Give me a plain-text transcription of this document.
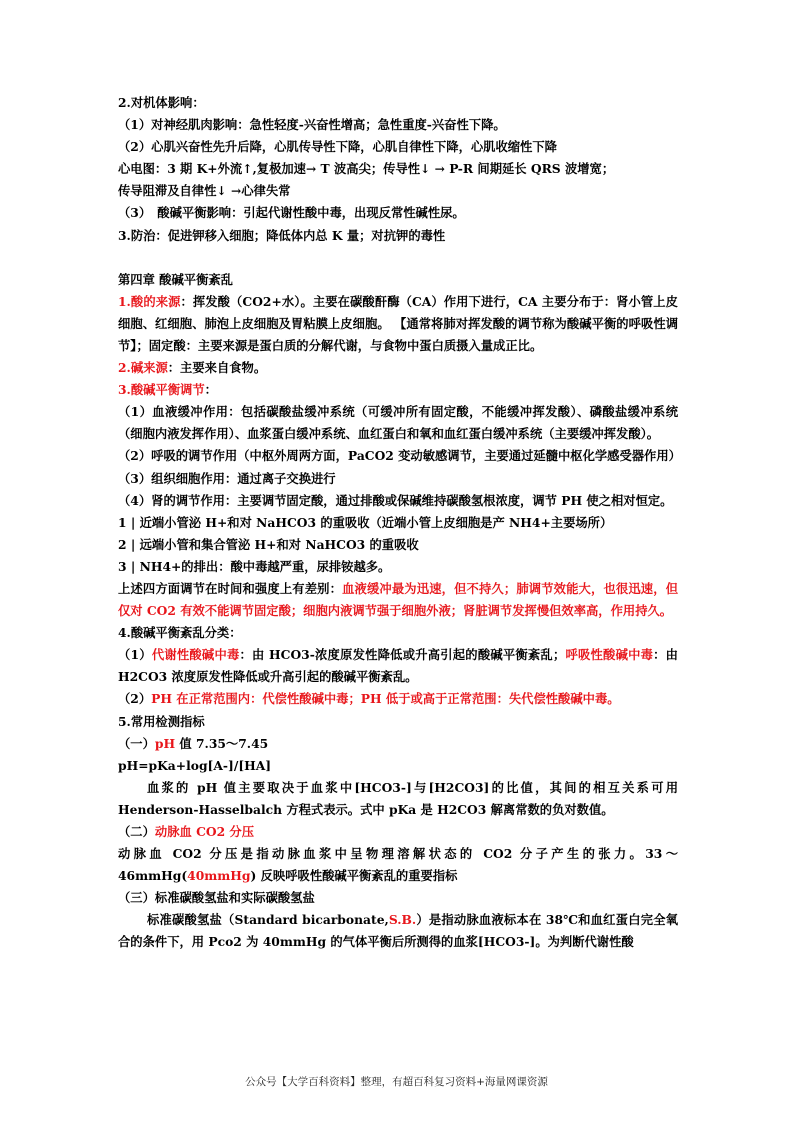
2.对机体影响：
（1）对神经肌肉影响：急性轻度-兴奋性增高；急性重度-兴奋性下降。
（2）心肌兴奋性先升后降，心肌传导性下降，心肌自律性下降，心肌收缩性下降
心电图：3 期 K+外流↑,复极加速→ T 波高尖；传导性↓ → P-R 间期延长 QRS 波增宽；
传导阻滞及自律性↓ →心律失常
（3）　酸碱平衡影响：引起代谢性酸中毒，出现反常性碱性尿。
3.防治：促进钾移入细胞；降低体内总 K 量；对抗钾的毒性
第四章 酸碱平衡紊乱
1.酸的来源：挥发酸（CO2+水）。主要在碳酸酐酶（CA）作用下进行，CA 主要分布于：肾小管上皮细胞、红细胞、肺泡上皮细胞及胃粘膜上皮细胞。 【通常将肺对挥发酸的调节称为酸碱平衡的呼吸性调节】；固定酸：主要来源是蛋白质的分解代谢，与食物中蛋白质摄入量成正比。
2.碱来源：主要来自食物。
3.酸碱平衡调节：
（1）血液缓冲作用：包括碳酸盐缓冲系统（可缓冲所有固定酸，不能缓冲挥发酸）、磷酸盐缓冲系统（细胞内液发挥作用）、血浆蛋白缓冲系统、血红蛋白和氧和血红蛋白缓冲系统（主要缓冲挥发酸）。
（2）呼吸的调节作用（中枢外周两方面，PaCO2 变动敏感调节，主要通过延髓中枢化学感受器作用）
（3）组织细胞作用：通过离子交换进行
（4）肾的调节作用：主要调节固定酸，通过排酸或保碱维持碳酸氢根浓度，调节 PH 使之相对恒定。
1 | 近端小管泌 H+和对 NaHCO3 的重吸收（近端小管上皮细胞是产 NH4+主要场所）
2 | 远端小管和集合管泌 H+和对 NaHCO3 的重吸收
3 | NH4+的排出：酸中毒越严重，尿排铵越多。
上述四方面调节在时间和强度上有差别：血液缓冲最为迅速，但不持久；肺调节效能大，也很迅速，但仅对 CO2 有效不能调节固定酸；细胞内液调节强于细胞外液；肾脏调节发挥慢但效率高，作用持久。
4.酸碱平衡紊乱分类：
（1）代谢性酸碱中毒：由 HCO3-浓度原发性降低或升高引起的酸碱平衡紊乱；呼吸性酸碱中毒：由 H2CO3 浓度原发性降低或升高引起的酸碱平衡紊乱。
（2）PH 在正常范围内：代偿性酸碱中毒；PH 低于或高于正常范围：失代偿性酸碱中毒。
5.常用检测指标
（一）pH 值 7.35～7.45
pH=pKa+log[A-]/[HA]
血浆的 pH 值主要取决于血浆中[HCO3-]与[H2CO3]的比值，其间的相互关系可用 Henderson-Hasselbalch 方程式表示。式中 pKa 是 H2CO3 解离常数的负对数值。
（二）动脉血 CO2 分压
动脉血 CO2 分压是指动脉血浆中呈物理溶解状态的 CO2 分子产生的张力。33～46mmHg(40mmHg) 反映呼吸性酸碱平衡紊乱的重要指标
（三）标准碳酸氢盐和实际碳酸氢盐
标准碳酸氢盐（Standard bicarbonate,S.B.）是指动脉血液标本在 38℃和血红蛋白完全氧合的条件下，用 Pco2 为 40mmHg 的气体平衡后所测得的血浆[HCO3-]。为判断代谢性酸
公众号【大学百科资料】整理，有超百科复习资料+海量网课资源
